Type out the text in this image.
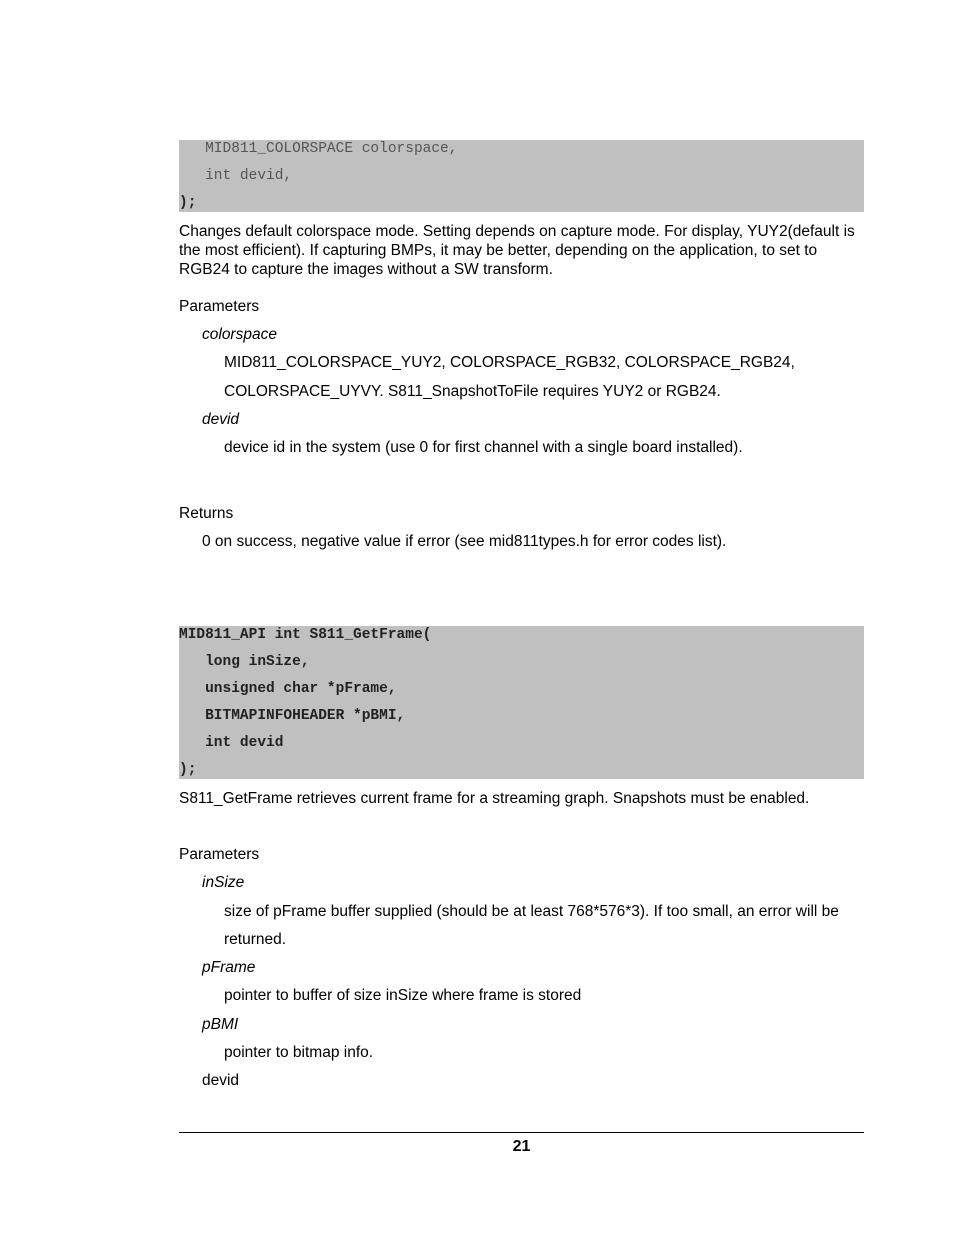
MID811_COLORSPACE colorspace,
int devid,
);
Changes default colorspace mode. Setting depends on capture mode. For display, YUY2(default is the most efficient). If capturing BMPs, it may be better, depending on the application, to set to RGB24 to capture the images without a SW transform.
Parameters
colorspace
MID811_COLORSPACE_YUY2, COLORSPACE_RGB32, COLORSPACE_RGB24,
COLORSPACE_UYVY. S811_SnapshotToFile requires YUY2 or RGB24.
devid
device id in the system (use 0 for first channel with a single board installed).
Returns
0 on success, negative value if error (see mid811types.h for error codes list).
MID811_API int S811_GetFrame(
long inSize,
unsigned char *pFrame,
BITMAPINFOHEADER *pBMI,
int devid
);
S811_GetFrame retrieves current frame for a streaming graph. Snapshots must be enabled.
Parameters
inSize
size of pFrame buffer supplied (should be at least 768*576*3). If too small, an error will be
returned.
pFrame
pointer to buffer of size inSize where frame is stored
pBMI
pointer to bitmap info.
devid
21
